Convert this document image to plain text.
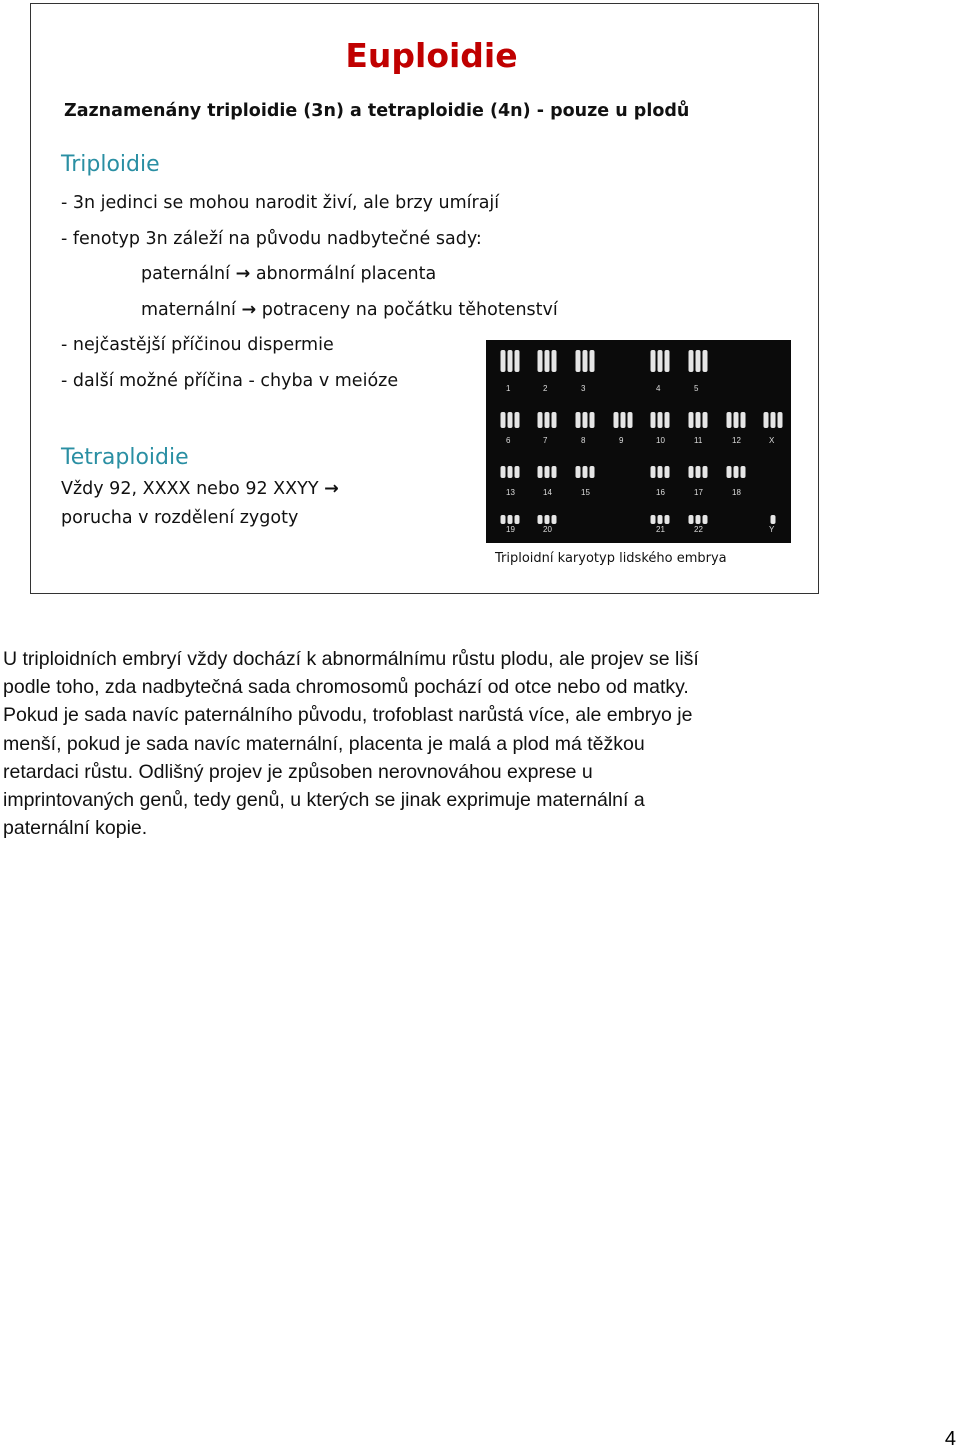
Euploidie
Zaznamenány triploidie (3n) a tetraploidie (4n) - pouze u plodů
Triploidie
- 3n jedinci se mohou narodit živí, ale brzy umírají
- fenotyp 3n záleží na původu nadbytečné sady:
paternální → abnormální placenta
maternální → potraceny na počátku těhotenství
- nejčastější příčinou dispermie
- další možné příčina - chyba v meióze
Tetraploidie
Vždy 92, XXXX nebo 92 XXYY →
porucha v rozdělení zygoty
1	2	3	4	5
6	7	8	9	10	11	12	X
13	14	15	16	17	18
19	20	21	22	Y
Triploidní karyotyp lidského embrya
U triploidních embryí vždy dochází k abnormálnímu růstu plodu, ale projev se liší
podle toho, zda nadbytečná sada chromosomů pochází od otce nebo od matky.
Pokud je sada navíc paternálního původu, trofoblast narůstá více, ale embryo je
menší, pokud je sada navíc maternální, placenta je malá a plod má těžkou
retardaci růstu. Odlišný projev je způsoben nerovnováhou exprese u
imprintovaných genů, tedy genů, u kterých se jinak exprimuje maternální a
paternální kopie.
4
